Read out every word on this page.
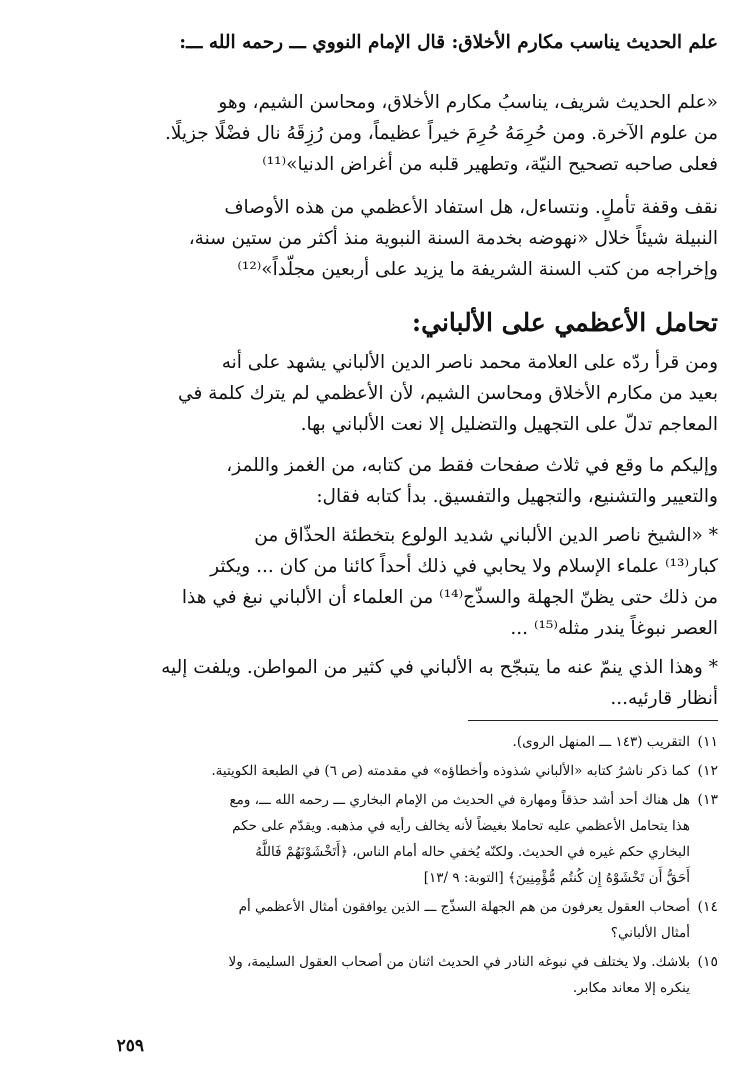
علم الحديث يناسب مكارم الأخلاق: قال الإمام النووي ـــ رحمه الله ـــ:
«علم الحديث شريف، يناسبُ مكارم الأخلاق، ومحاسن الشيم، وهو
من علوم الآخرة. ومن حُرِمَهُ حُرِمَ خيراً عظيماً، ومن رُزِقَهُ نال فضْلًا جزيلًا.
فعلى صاحبه تصحيح النيّة، وتطهير قلبه من أغراض الدنيا»⁽¹¹⁾
نقف وقفة تأملٍ. ونتساءل، هل استفاد الأعظمي من هذه الأوصاف
النبيلة شيئاً خلال «نهوضه بخدمة السنة النبوية منذ أكثر من ستين سنة،
وإخراجه من كتب السنة الشريفة ما يزيد على أربعين مجلّداً»⁽¹²⁾
تحامل الأعظمي على الألباني:
ومن قرأ ردّه على العلامة محمد ناصر الدين الألباني يشهد على أنه
بعيد من مكارم الأخلاق ومحاسن الشيم، لأن الأعظمي لم يترك كلمة في
المعاجم تدلّ على التجهيل والتضليل إلا نعت الألباني بها.
وإليكم ما وقع في ثلاث صفحات فقط من كتابه، من الغمز واللمز،
والتعيير والتشنيع، والتجهيل والتفسيق. بدأ كتابه فقال:
* «الشيخ ناصر الدين الألباني شديد الولوع بتخطئة الحذّاق من
كبار⁽¹³⁾ علماء الإسلام ولا يحابي في ذلك أحداً كائنا من كان ... ويكثر
من ذلك حتى يظنّ الجهلة والسذّج⁽¹⁴⁾ من العلماء أن الألباني نبغ في هذا
العصر نبوغاً يندر مثله⁽¹⁵⁾ ...
* وهذا الذي ينمّ عنه ما يتبجّح به الألباني في كثير من المواطن. ويلفت إليه
أنظار قارئيه...
١١)
التقريب (١٤٣ ـــ المنهل الروى).
١٢)
كما ذكر ناشرُ كتابه «الألباني شذوذه وأخطاؤه» في مقدمته (ص ٦) في الطبعة الكويتية.
١٣)
هل هناك أحد أشد حذقاً ومهارة في الحديث من الإمام البخاري ـــ رحمه الله ـــ، ومع
هذا يتحامل الأعظمي عليه تحاملا بغيضاً لأنه يخالف رأيه في مذهبه. ويقدّم على حكم
البخاري حكم غيره في الحديث. ولكنّه يُخفي حاله أمام الناس، ﴿أَتَخْشَوْنَهُمْ فَاللَّهُ
أَحَقُّ أَن تَخْشَوْهُ إِن كُنتُم مُّؤْمِنِينَ﴾ [التوبة: ٩ /١٣]
١٤)
أصحاب العقول يعرفون من هم الجهلة السذّج ـــ الذين يوافقون أمثال الأعظمي أم
أمثال الألباني؟
١٥)
بلاشك. ولا يختلف في نبوغه النادر في الحديث اثنان من أصحاب العقول السليمة، ولا
ينكره إلا معاند مكابر.
٢٥٩
